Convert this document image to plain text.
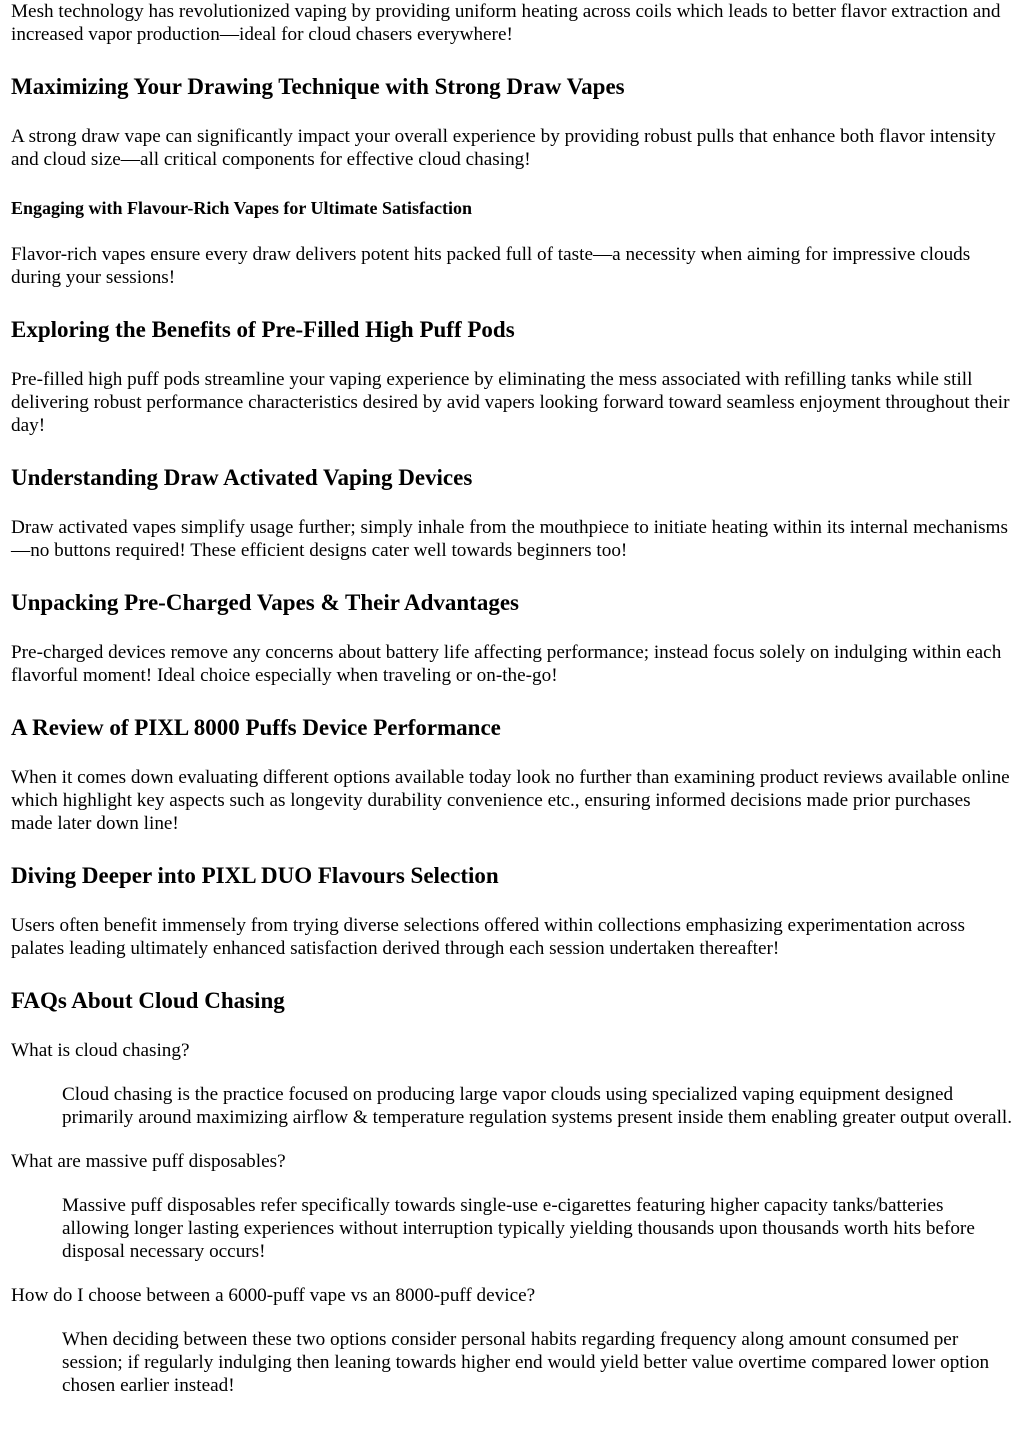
Mesh technology has revolutionized vaping by providing uniform heating across coils which leads to better flavor extraction and increased vapor production—ideal for cloud chasers everywhere!

Maximizing Your Drawing Technique with Strong Draw Vapes

A strong draw vape can significantly impact your overall experience by providing robust pulls that enhance both flavor intensity and cloud size—all critical components for effective cloud chasing!

Engaging with Flavour-Rich Vapes for Ultimate Satisfaction

Flavor-rich vapes ensure every draw delivers potent hits packed full of taste—a necessity when aiming for impressive clouds during your sessions!

Exploring the Benefits of Pre-Filled High Puff Pods

Pre-filled high puff pods streamline your vaping experience by eliminating the mess associated with refilling tanks while still delivering robust performance characteristics desired by avid vapers looking forward toward seamless enjoyment throughout their day!

Understanding Draw Activated Vaping Devices

Draw activated vapes simplify usage further; simply inhale from the mouthpiece to initiate heating within its internal mechanisms—no buttons required! These efficient designs cater well towards beginners too!

Unpacking Pre-Charged Vapes & Their Advantages

Pre-charged devices remove any concerns about battery life affecting performance; instead focus solely on indulging within each flavorful moment! Ideal choice especially when traveling or on-the-go!

A Review of PIXL 8000 Puffs Device Performance

When it comes down evaluating different options available today look no further than examining product reviews available online which highlight key aspects such as longevity durability convenience etc., ensuring informed decisions made prior purchases made later down line!

Diving Deeper into PIXL DUO Flavours Selection

Users often benefit immensely from trying diverse selections offered within collections emphasizing experimentation across palates leading ultimately enhanced satisfaction derived through each session undertaken thereafter!

FAQs About Cloud Chasing

What is cloud chasing?

Cloud chasing is the practice focused on producing large vapor clouds using specialized vaping equipment designed primarily around maximizing airflow & temperature regulation systems present inside them enabling greater output overall.

What are massive puff disposables?

Massive puff disposables refer specifically towards single-use e-cigarettes featuring higher capacity tanks/batteries allowing longer lasting experiences without interruption typically yielding thousands upon thousands worth hits before disposal necessary occurs!

How do I choose between a 6000-puff vape vs an 8000-puff device?

When deciding between these two options consider personal habits regarding frequency along amount consumed per session; if regularly indulging then leaning towards higher end would yield better value overtime compared lower option chosen earlier instead!
